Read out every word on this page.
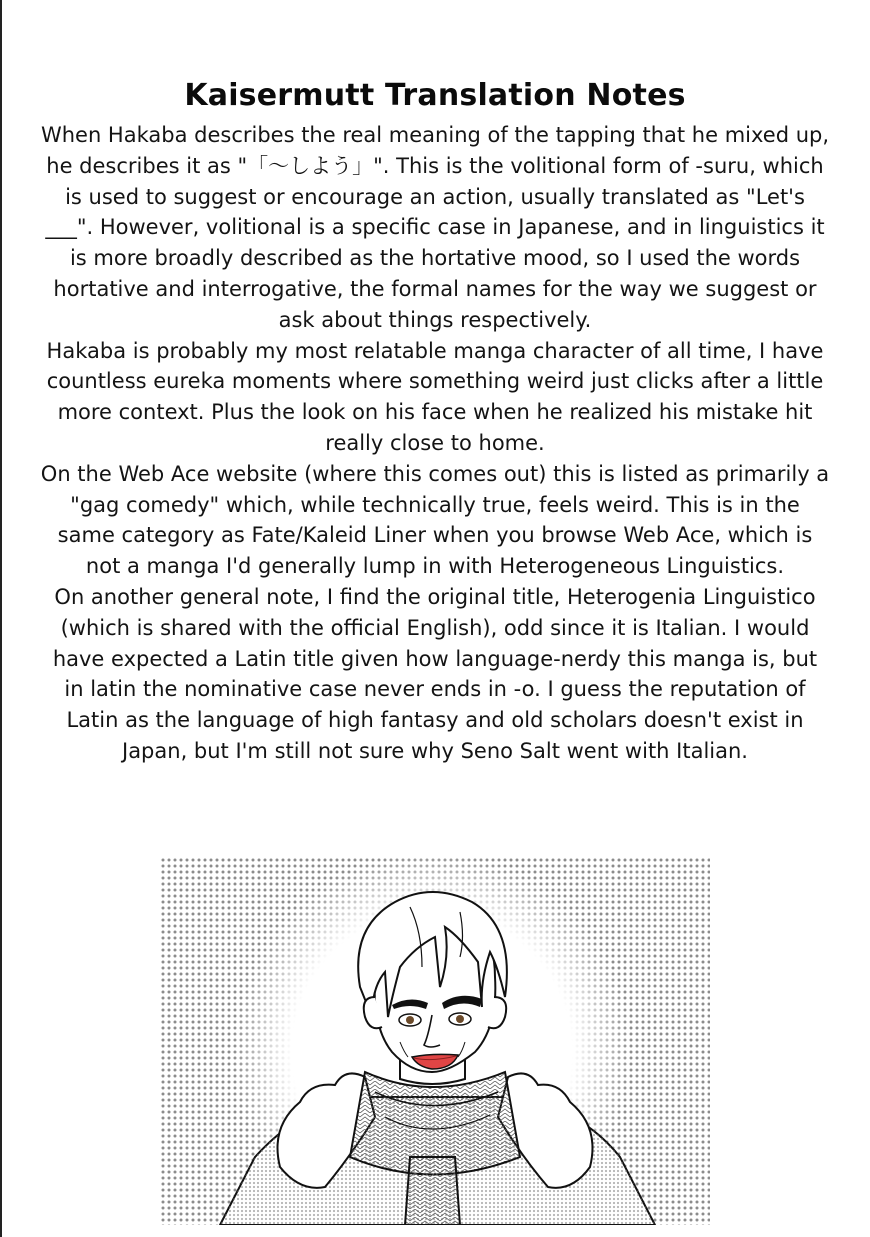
Kaisermutt Translation Notes

When Hakaba describes the real meaning of the tapping that he mixed up, he describes it as "「〜しよう」". This is the volitional form of -suru, which is used to suggest or encourage an action, usually translated as "Let's ___". However, volitional is a specific case in Japanese, and in linguistics it is more broadly described as the hortative mood, so I used the words hortative and interrogative, the formal names for the way we suggest or ask about things respectively.

Hakaba is probably my most relatable manga character of all time, I have countless eureka moments where something weird just clicks after a little more context. Plus the look on his face when he realized his mistake hit really close to home.

On the Web Ace website (where this comes out) this is listed as primarily a "gag comedy" which, while technically true, feels weird. This is in the same category as Fate/Kaleid Liner when you browse Web Ace, which is not a manga I'd generally lump in with Heterogeneous Linguistics.

On another general note, I find the original title, Heterogenia Linguistico (which is shared with the official English), odd since it is Italian. I would have expected a Latin title given how language-nerdy this manga is, but in latin the nominative case never ends in -o. I guess the reputation of Latin as the language of high fantasy and old scholars doesn't exist in Japan, but I'm still not sure why Seno Salt went with Italian.
